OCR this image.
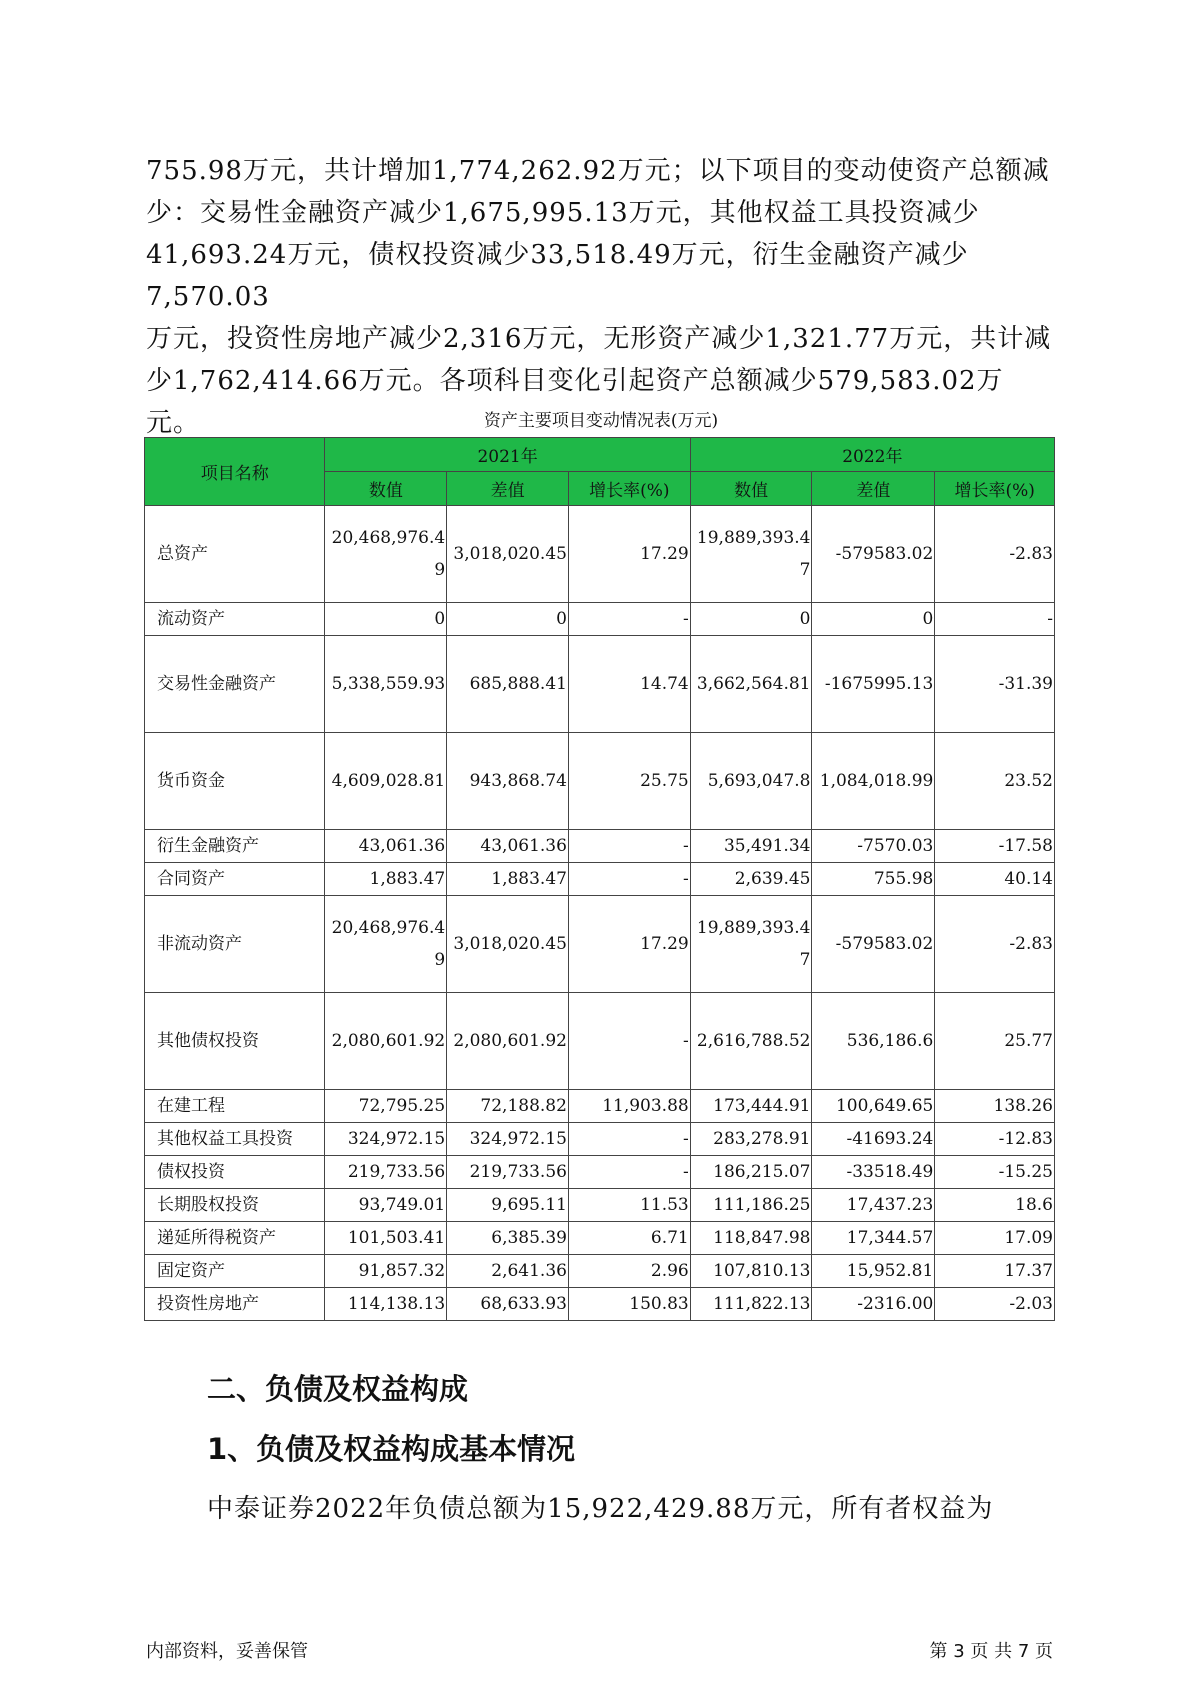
755.98万元，共计增加1,774,262.92万元；以下项目的变动使资产总额减

少：交易性金融资产减少1,675,995.13万元，其他权益工具投资减少

41,693.24万元，债权投资减少33,518.49万元，衍生金融资产减少7,570.03

万元，投资性房地产减少2,316万元，无形资产减少1,321.77万元，共计减

少1,762,414.66万元。各项科目变化引起资产总额减少579,583.02万元。	资产主要项目变动情况表(万元)
项目名称	2021年			2022年		
	数值	差值	增长率(%)	数值	差值	增长率(%)
总资产	20,468,976.49	3,018,020.45	17.29	19,889,393.47	-579583.02	-2.83
流动资产	0	0	-	0	0	-
交易性金融资产	5,338,559.93	685,888.41	14.74	3,662,564.81	-1675995.13	-31.39
货币资金	4,609,028.81	943,868.74	25.75	5,693,047.8	1,084,018.99	23.52
衍生金融资产	43,061.36	43,061.36	-	35,491.34	-7570.03	-17.58
合同资产	1,883.47	1,883.47	-	2,639.45	755.98	40.14
非流动资产	20,468,976.49	3,018,020.45	17.29	19,889,393.47	-579583.02	-2.83
其他债权投资	2,080,601.92	2,080,601.92	-	2,616,788.52	536,186.6	25.77
在建工程	72,795.25	72,188.82	11,903.88	173,444.91	100,649.65	138.26
其他权益工具投资	324,972.15	324,972.15	-	283,278.91	-41693.24	-12.83
债权投资	219,733.56	219,733.56	-	186,215.07	-33518.49	-15.25
长期股权投资	93,749.01	9,695.11	11.53	111,186.25	17,437.23	18.6
递延所得税资产	101,503.41	6,385.39	6.71	118,847.98	17,344.57	17.09
固定资产	91,857.32	2,641.36	2.96	107,810.13	15,952.81	17.37
投资性房地产	114,138.13	68,633.93	150.83	111,822.13	-2316.00	-2.03
二、负债及权益构成
1、负债及权益构成基本情况
中泰证券2022年负债总额为15,922,429.88万元，所有者权益为
内部资料，妥善保管	第 3 页 共 7 页
